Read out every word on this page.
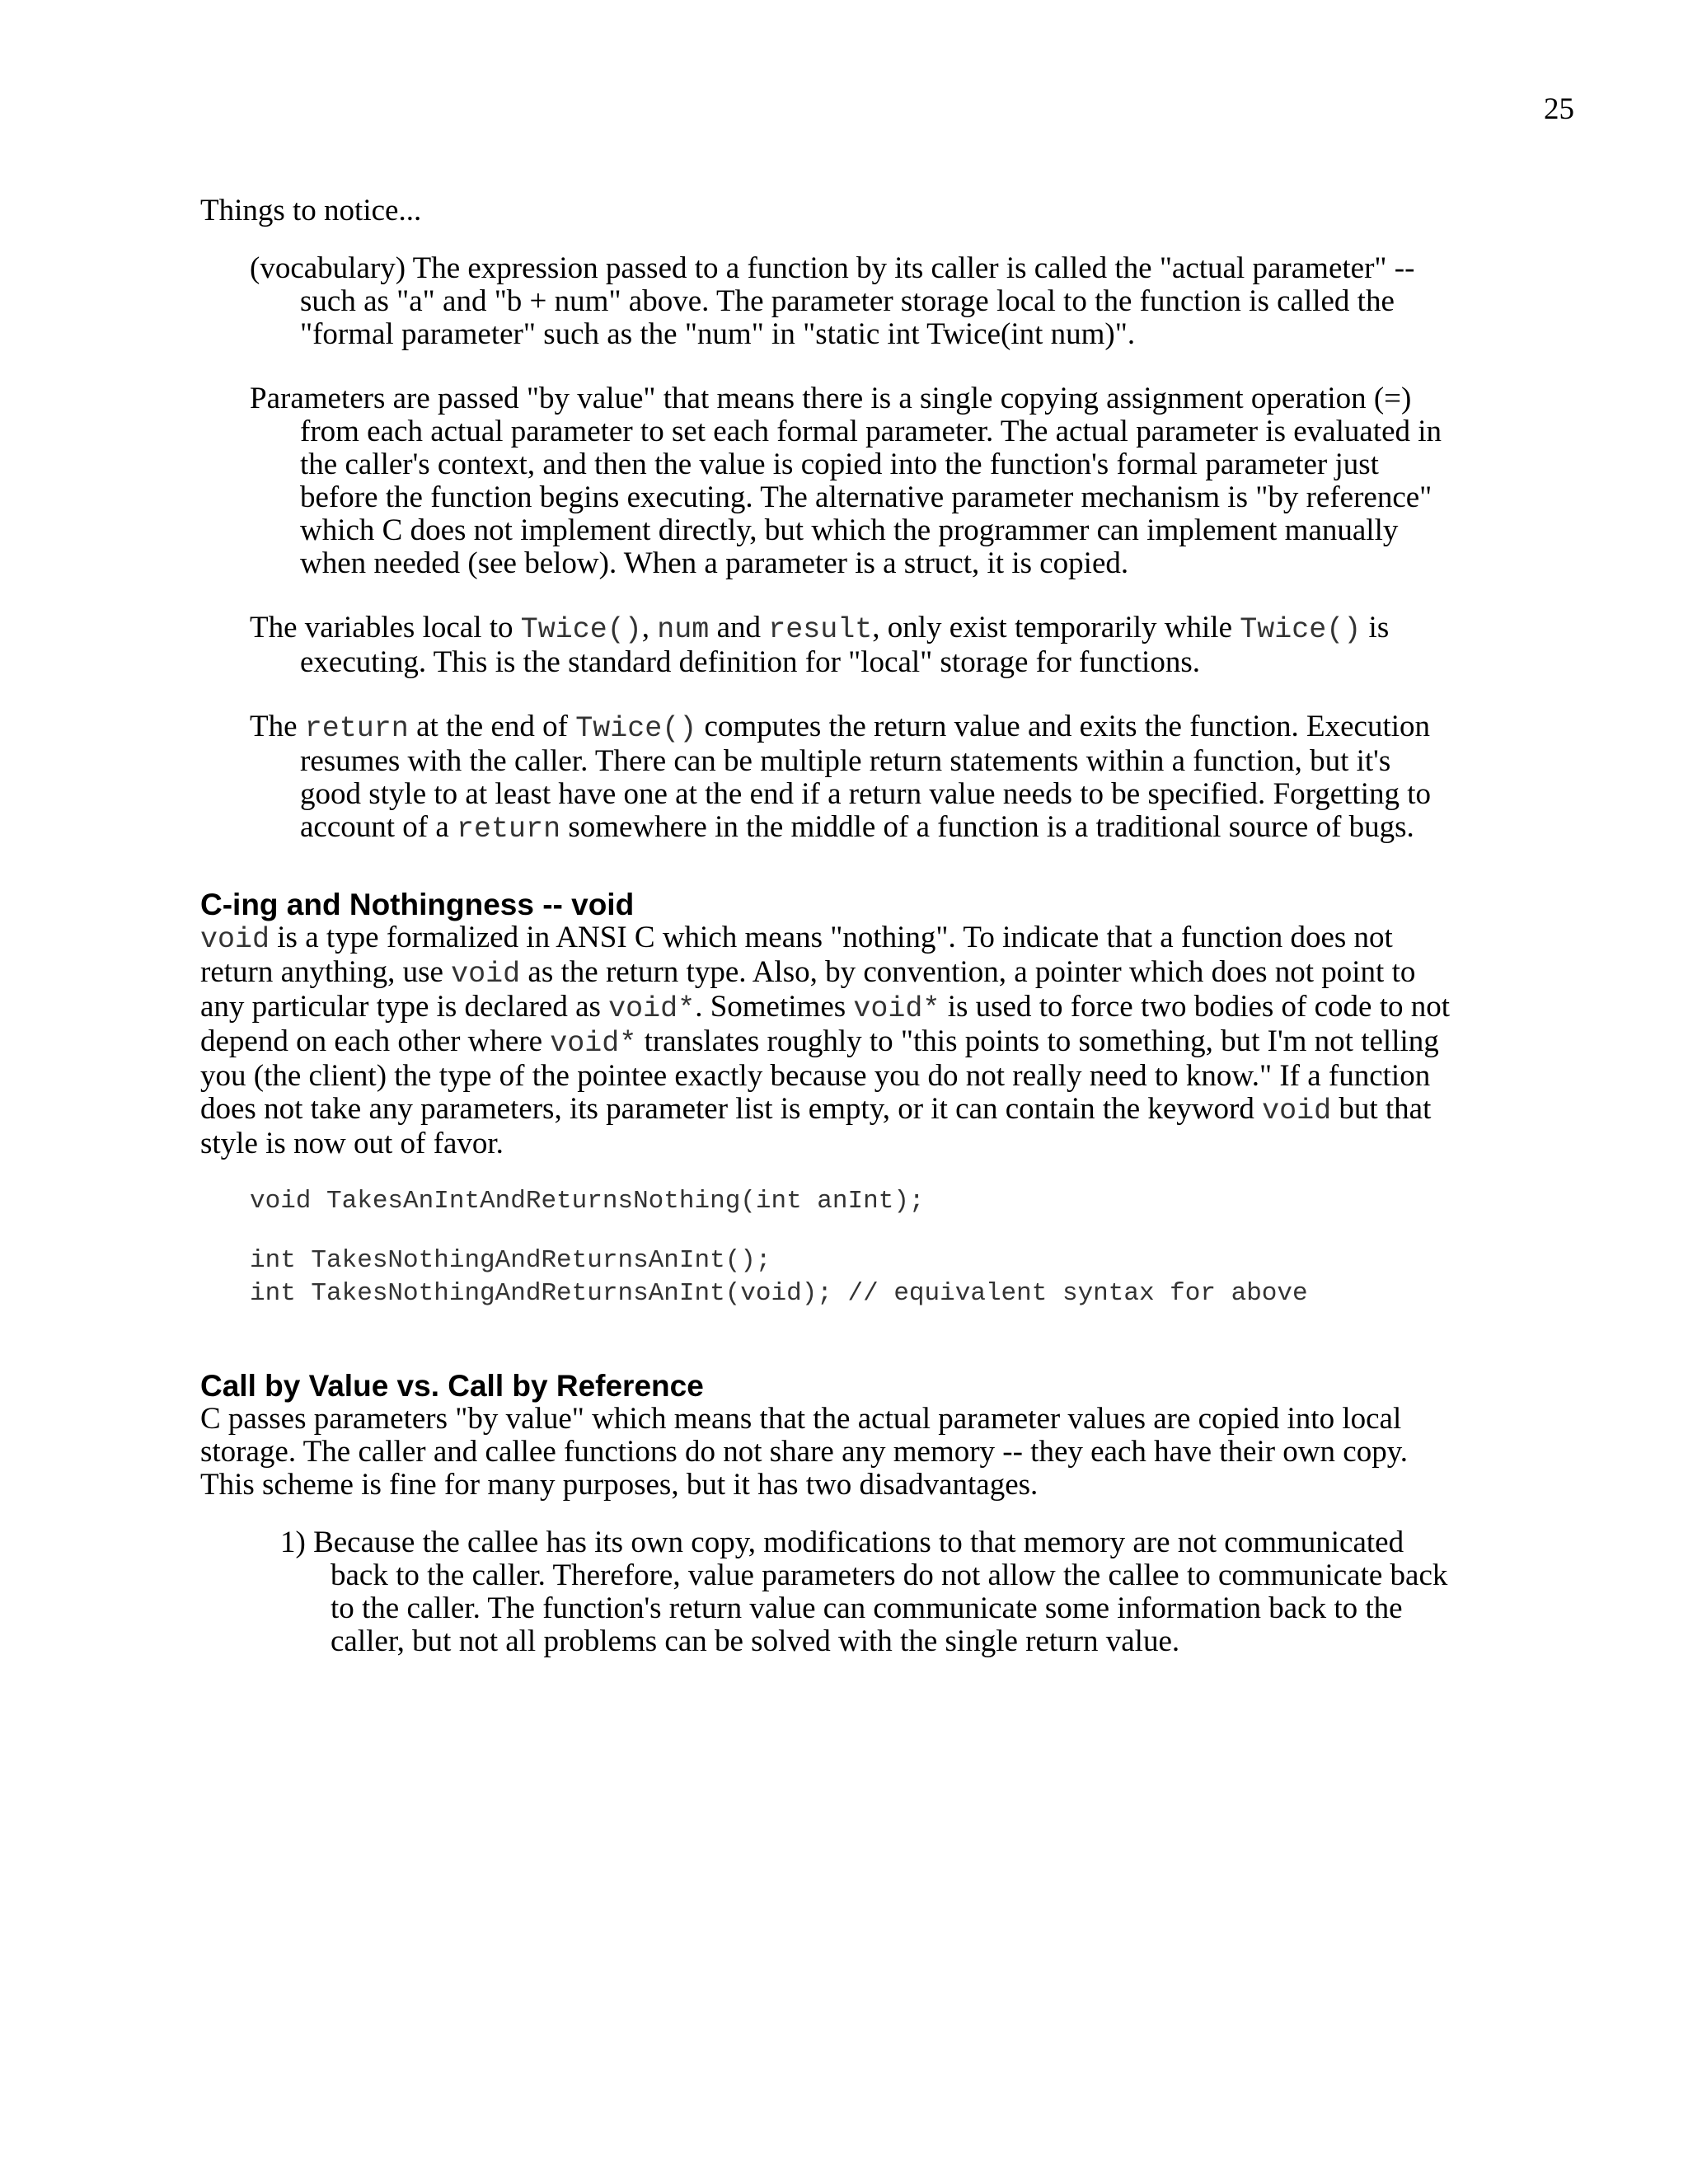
25

Things to notice...

(vocabulary) The expression passed to a function by its caller is called the "actual parameter" -- such as "a" and "b + num" above. The parameter storage local to the function is called the "formal parameter" such as the "num" in "static int Twice(int num)".

Parameters are passed "by value" that means there is a single copying assignment operation (=) from each actual parameter to set each formal parameter. The actual parameter is evaluated in the caller's context, and then the value is copied into the function's formal parameter just before the function begins executing. The alternative parameter mechanism is "by reference" which C does not implement directly, but which the programmer can implement manually when needed (see below). When a parameter is a struct, it is copied.

The variables local to Twice(), num and result, only exist temporarily while Twice() is executing. This is the standard definition for "local" storage for functions.

The return at the end of Twice() computes the return value and exits the function. Execution resumes with the caller. There can be multiple return statements within a function, but it's good style to at least have one at the end if a return value needs to be specified. Forgetting to account of a return somewhere in the middle of a function is a traditional source of bugs.

C-ing and Nothingness -- void

void is a type formalized in ANSI C which means "nothing". To indicate that a function does not return anything, use void as the return type. Also, by convention, a pointer which does not point to any particular type is declared as void*. Sometimes void* is used to force two bodies of code to not depend on each other where void* translates roughly to "this points to something, but I'm not telling you (the client) the type of the pointee exactly because you do not really need to know." If a function does not take any parameters, its parameter list is empty, or it can contain the keyword void but that style is now out of favor.

void TakesAnIntAndReturnsNothing(int anInt);
int TakesNothingAndReturnsAnInt();
int TakesNothingAndReturnsAnInt(void); // equivalent syntax for above
Call by Value vs. Call by Reference

C passes parameters "by value" which means that the actual parameter values are copied into local storage. The caller and callee functions do not share any memory -- they each have their own copy. This scheme is fine for many purposes, but it has two disadvantages.

1) Because the callee has its own copy, modifications to that memory are not communicated back to the caller. Therefore, value parameters do not allow the callee to communicate back to the caller. The function's return value can communicate some information back to the caller, but not all problems can be solved with the single return value.
